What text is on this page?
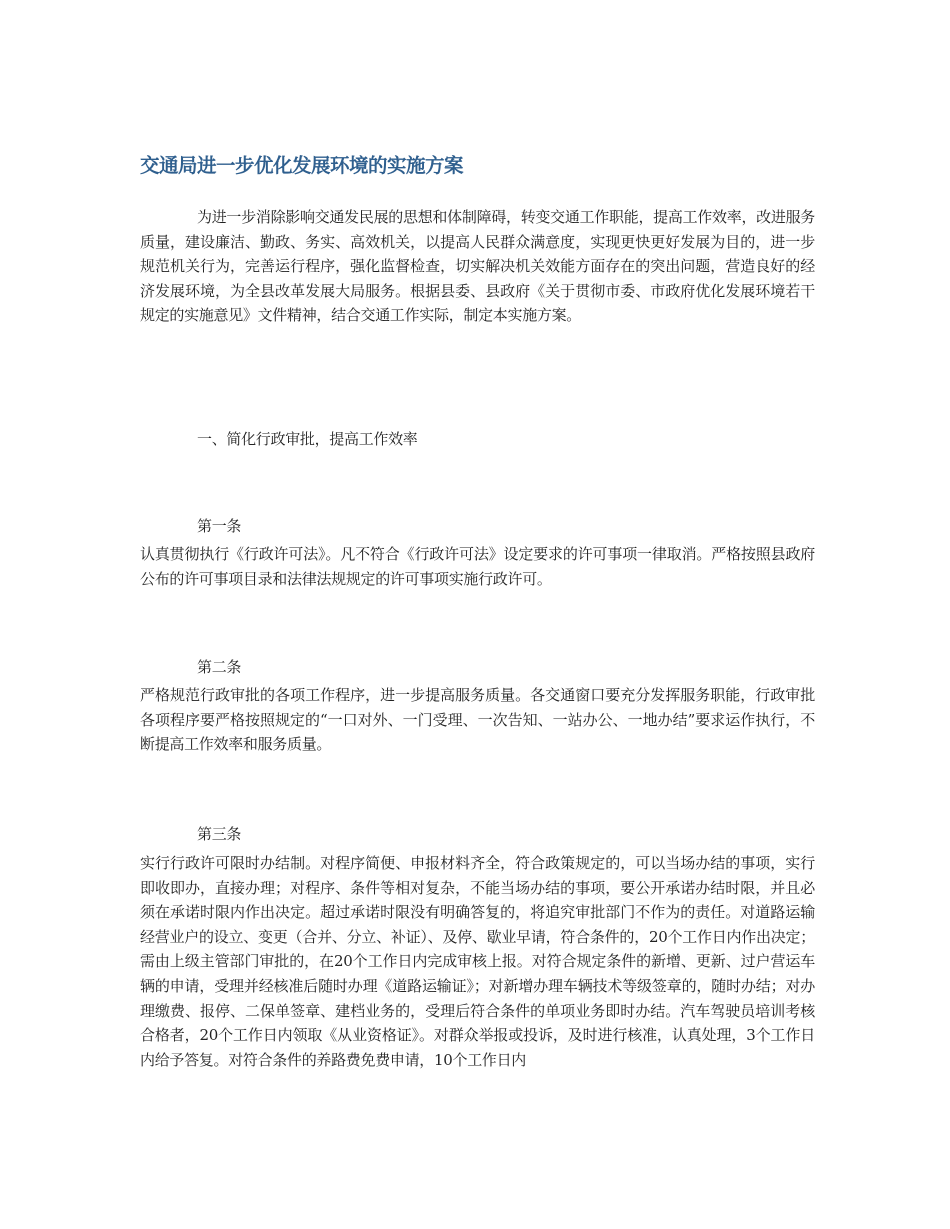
交通局进一步优化发展环境的实施方案

为进一步消除影响交通发民展的思想和体制障碍，转变交通工作职能，提高工作效率，改进服务质量，建设廉洁、勤政、务实、高效机关，以提高人民群众满意度，实现更快更好发展为目的，进一步规范机关行为，完善运行程序，强化监督检查，切实解决机关效能方面存在的突出问题，营造良好的经济发展环境，为全县改革发展大局服务。根据县委、县政府《关于贯彻市委、市政府优化发展环境若干规定的实施意见》文件精神，结合交通工作实际，制定本实施方案。

一、简化行政审批，提高工作效率
第一条

认真贯彻执行《行政许可法》。凡不符合《行政许可法》设定要求的许可事项一律取消。严格按照县政府公布的许可事项目录和法律法规规定的许可事项实施行政许可。

第二条

严格规范行政审批的各项工作程序，进一步提高服务质量。各交通窗口要充分发挥服务职能，行政审批各项程序要严格按照规定的“一口对外、一门受理、一次告知、一站办公、一地办结”要求运作执行，不断提高工作效率和服务质量。

第三条

实行行政许可限时办结制。对程序简便、申报材料齐全，符合政策规定的，可以当场办结的事项，实行即收即办，直接办理；对程序、条件等相对复杂，不能当场办结的事项，要公开承诺办结时限，并且必须在承诺时限内作出决定。超过承诺时限没有明确答复的，将追究审批部门不作为的责任。对道路运输经营业户的设立、变更（合并、分立、补证）、及停、歇业早请，符合条件的，20个工作日内作出决定；需由上级主管部门审批的，在20个工作日内完成审核上报。对符合规定条件的新增、更新、过户营运车辆的申请，受理并经核准后随时办理《道路运输证》；对新增办理车辆技术等级签章的，随时办结；对办理缴费、报停、二保单签章、建档业务的，受理后符合条件的单项业务即时办结。汽车驾驶员培训考核合格者，20个工作日内领取《从业资格证》。对群众举报或投诉，及时进行核准，认真处理，3个工作日内给予答复。对符合条件的养路费免费申请，10个工作日内
